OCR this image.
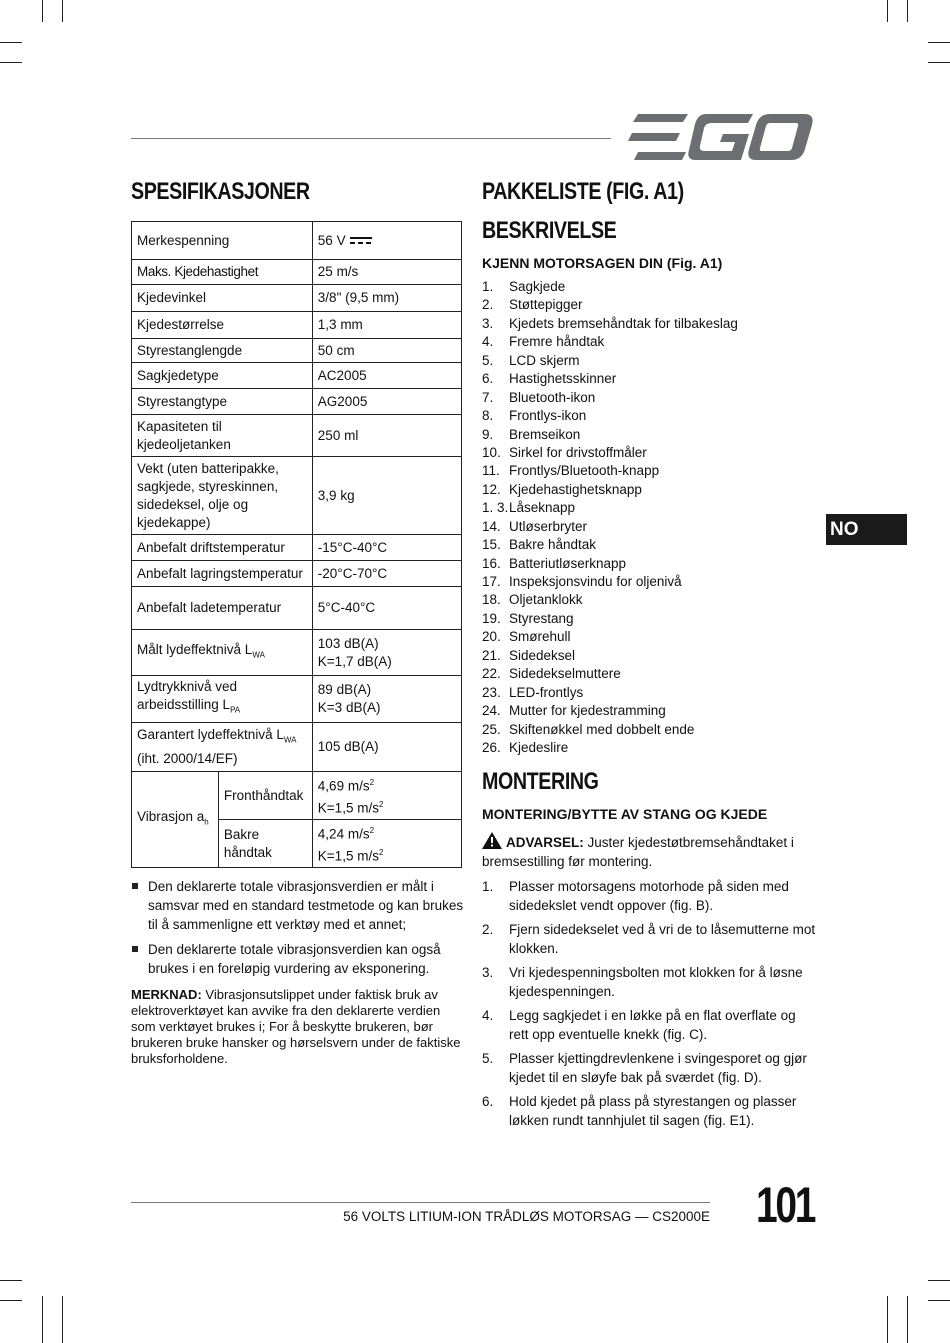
SPESIFIKASJONER
Merkespenning		56 V

Maks. Kjedehastighet		25 m/s
Kjedevinkel		3/8" (9,5 mm)
Kjedestørrelse		1,3 mm
Styrestanglengde		50 cm
Sagkjedetype		AC2005
Styrestangtype		AG2005
Kapasiteten til kjedeoljetanken		250 ml
Vekt (uten batteripakke, sagkjede, styreskinnen, sidedeksel, olje og kjedekappe)		3,9 kg
Anbefalt driftstemperatur		-15°C-40°C
Anbefalt lagringstemperatur		-20°C-70°C
Anbefalt ladetemperatur		5°C-40°C
Målt lydeffektnivå $L_{WA}$		103 dB(A)
K=1,7 dB(A)
Lydtrykknivå ved arbeidsstilling $L_{PA}$		89 dB(A)
K=3 dB(A)
Garantert lydeffektnivå $L_{WA}$
(iht. 2000/14/EF)		105 dB(A)
Vibrasjon $a_h$	Fronthåndtak	4,69 $m/s^2$
K=1,5 $m/s^2$
	Bakre håndtak	4,24 $m/s^2$
K=1,5 $m/s^2$
Den deklarerte totale vibrasjonsverdien er målt i samsvar med en standard testmetode og kan brukes til å sammenligne ett verktøy med et annet;
Den deklarerte totale vibrasjonsverdien kan også brukes i en foreløpig vurdering av eksponering.
MERKNAD: Vibrasjonsutslippet under faktisk bruk av elektroverktøyet kan avvike fra den deklarerte verdien som verktøyet brukes i; For å beskytte brukeren, bør brukeren bruke hansker og hørselsvern under de faktiske bruksforholdene.
PAKKELISTE (FIG. A1)
BESKRIVELSE
KJENN MOTORSAGEN DIN (Fig. A1)
1. Sagkjede
2. Støttepigger
3. Kjedets bremsehåndtak for tilbakeslag
4. Fremre håndtak
5. LCD skjerm
6. Hastighetsskinner
7. Bluetooth-ikon
8. Frontlys-ikon
9. Bremseikon
10. Sirkel for drivstoffmåler
11. Frontlys/Bluetooth-knapp
12. Kjedehastighetsknapp
1. 3.Låseknapp
14. Utløserbryter
15. Bakre håndtak
16. Batteriutløserknapp
17. Inspeksjonsvindu for oljenivå
18. Oljetanklokk
19. Styrestang
20. Smørehull
21. Sidedeksel
22. Sidedekselmuttere
23. LED-frontlys
24. Mutter for kjedestramming
25. Skiftenøkkel med dobbelt ende
26. Kjedeslire
MONTERING
MONTERING/BYTTE AV STANG OG KJEDE
ADVARSEL: Juster kjedestøtbremsehåndtaket i bremsestilling før montering.
1. Plasser motorsagens motorhode på siden med sidedekslet vendt oppover (fig. B).
2. Fjern sidedekselet ved å vri de to låsemutterne mot klokken.
3. Vri kjedespenningsbolten mot klokken for å løsne kjedespenningen.
4. Legg sagkjedet i en løkke på en flat overflate og rett opp eventuelle knekk (fig. C).
5. Plasser kjettingdrevlenkene i svingesporet og gjør kjedet til en sløyfe bak på sværdet (fig. D).
6. Hold kjedet på plass på styrestangen og plasser løkken rundt tannhjulet til sagen (fig. E1).
NO
56 VOLTS LITIUM-ION TRÅDLØS MOTORSAG — CS2000E 101
